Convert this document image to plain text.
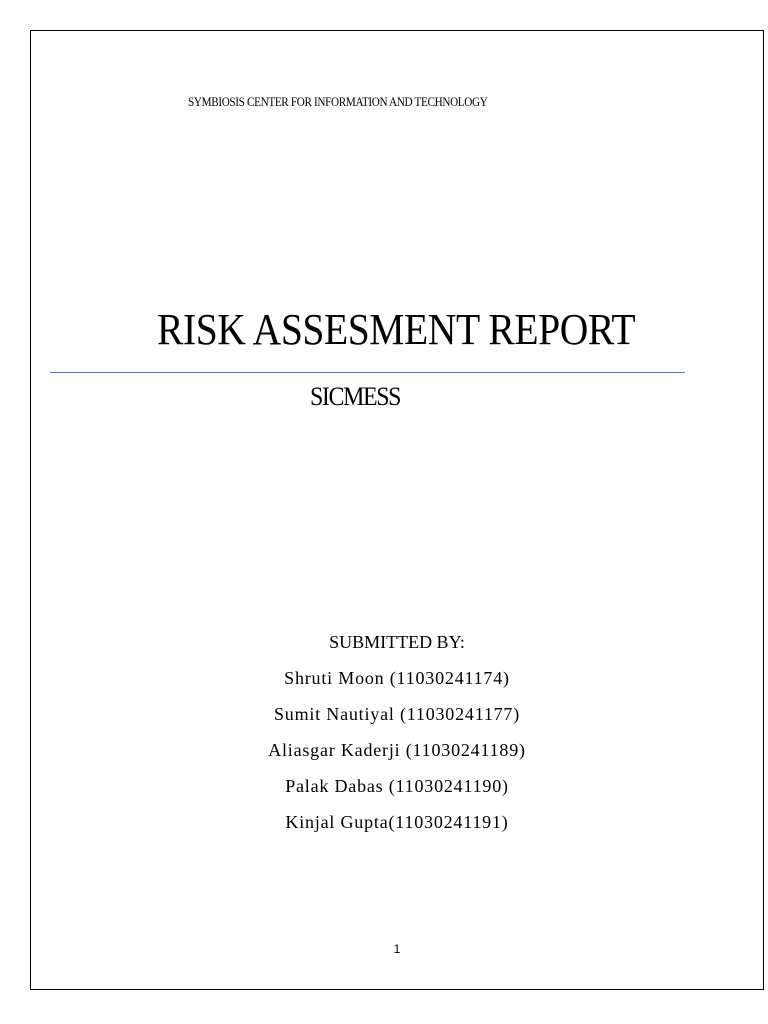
SYMBIOSIS CENTER FOR INFORMATION AND TECHNOLOGY
RISK ASSESMENT REPORT
SICMESS
SUBMITTED BY:
Shruti Moon (11030241174)
Sumit Nautiyal (11030241177)
Aliasgar Kaderji (11030241189)
Palak Dabas (11030241190)
Kinjal Gupta(11030241191)
1
